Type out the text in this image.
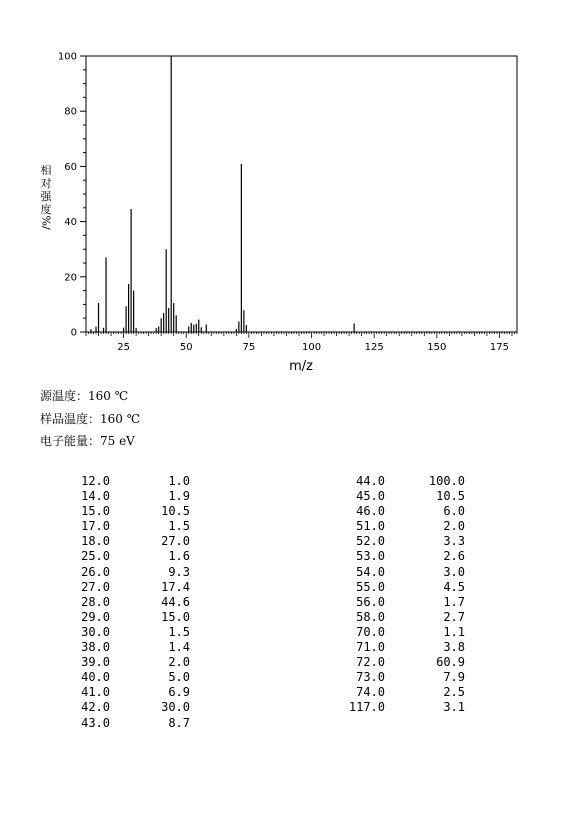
0
20
40
60
80
100
25	50	75	100	125	150	175
m/z
相
对
强
度
%/
源温度：160 ℃
样品温度：160 ℃
电子能量：75 eV
12.0	1.0
14.0	1.9
15.0	10.5
17.0	1.5
18.0	27.0
25.0	1.6
26.0	9.3
27.0	17.4
28.0	44.6
29.0	15.0
30.0	1.5
38.0	1.4
39.0	2.0
40.0	5.0
41.0	6.9
42.0	30.0
43.0	8.7
44.0	100.0
45.0	10.5
46.0	6.0
51.0	2.0
52.0	3.3
53.0	2.6
54.0	3.0
55.0	4.5
56.0	1.7
58.0	2.7
70.0	1.1
71.0	3.8
72.0	60.9
73.0	7.9
74.0	2.5
117.0	3.1
